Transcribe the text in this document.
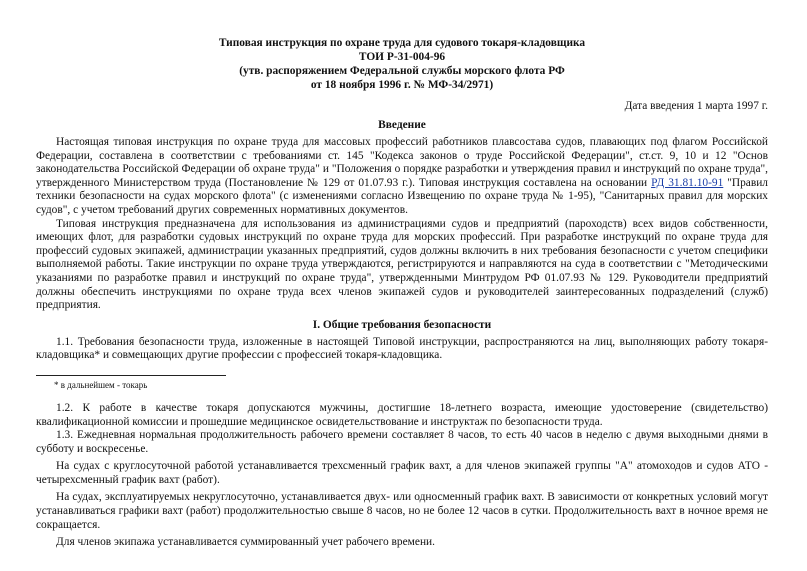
Типовая инструкция по охране труда для судового токаря-кладовщика
ТОИ Р-31-004-96
(утв. распоряжением Федеральной службы морского флота РФ
от 18 ноября 1996 г. № МФ-34/2971)
Дата введения 1 марта 1997 г.
Введение

Настоящая типовая инструкция по охране труда для массовых профессий работников плавсостава судов, плавающих под флагом Российской Федерации, составлена в соответствии с требованиями ст. 145 "Кодекса законов о труде Российской Федерации", ст.ст. 9, 10 и 12 "Основ законодательства Российской Федерации об охране труда" и "Положения о порядке разработки и утверждения правил и инструкций по охране труда", утвержденного Министерством труда (Постановление № 129 от 01.07.93 г.). Типовая инструкция составлена на основании РД 31.81.10-91 "Правил техники безопасности на судах морского флота" (с изменениями согласно Извещению по охране труда № 1-95), "Санитарных правил для морских судов", с учетом требований других современных нормативных документов.

Типовая инструкция предназначена для использования из администрациями судов и предприятий (пароходств) всех видов собственности, имеющих флот, для разработки судовых инструкций по охране труда для морских профессий. При разработке инструкций по охране труда для профессий судовых экипажей, администрации указанных предприятий, судов должны включить в них требования безопасности с учетом специфики выполняемой работы. Такие инструкции по охране труда утверждаются, регистрируются и направляются на суда в соответствии с "Методическими указаниями по разработке правил и инструкций по охране труда", утвержденными Минтрудом РФ 01.07.93 № 129. Руководители предприятий должны обеспечить инструкциями по охране труда всех членов экипажей судов и руководителей заинтересованных подразделений (служб) предприятия.

I. Общие требования безопасности

1.1. Требования безопасности труда, изложенные в настоящей Типовой инструкции, распространяются на лиц, выполняющих работу токаря-кладовщика* и совмещающих другие профессии с профессией токаря-кладовщика.

* в дальнейшем - токарь

1.2. К работе в качестве токаря допускаются мужчины, достигшие 18-летнего возраста, имеющие удостоверение (свидетельство) квалификационной комиссии и прошедшие медицинское освидетельствование и инструктаж по безопасности труда.

1.3. Ежедневная нормальная продолжительность рабочего времени составляет 8 часов, то есть 40 часов в неделю с двумя выходными днями в субботу и воскресенье.

На судах с круглосуточной работой устанавливается трехсменный график вахт, а для членов экипажей группы "А" атомоходов и судов АТО - четырехсменный график вахт (работ).

На судах, эксплуатируемых некруглосуточно, устанавливается двух- или односменный график вахт. В зависимости от конкретных условий могут устанавливаться графики вахт (работ) продолжительностью свыше 8 часов, но не более 12 часов в сутки. Продолжительность вахт в ночное время не сокращается.

Для членов экипажа устанавливается суммированный учет рабочего времени.
